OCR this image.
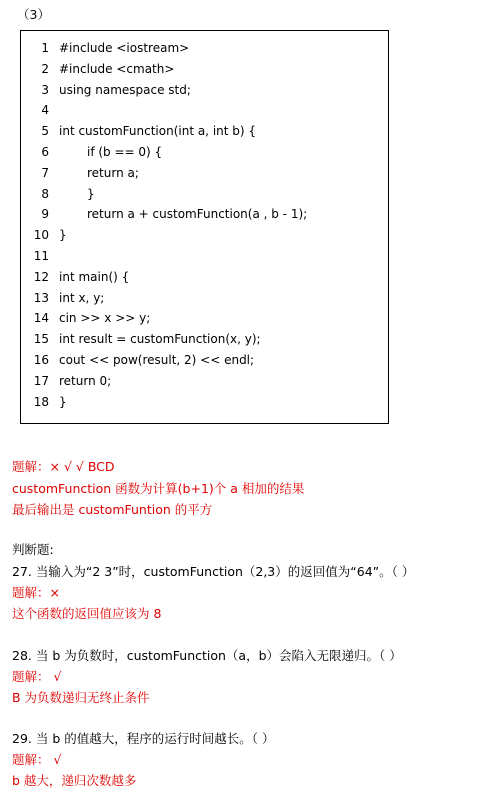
（3）
1 #include <iostream>
2 #include <cmath>
3 using namespace std;
4
5 int customFunction(int a, int b) {
6	if (b == 0) {
7	return a;
8	}
9	return a + customFunction(a , b - 1);
10 }
11
12 int main() {
13 int x, y;
14 cin >> x >> y;
15 int result = customFunction(x, y);
16 cout << pow(result, 2) << endl;
17 return 0;
18 }
题解：× √ √ BCD
customFunction 函数为计算(b+1)个 a 相加的结果
最后输出是 customFuntion 的平方
判断题:
27. 当输入为“2 3”时，customFunction（2,3）的返回值为“64”。（ ）
题解：×
这个函数的返回值应该为 8
28. 当 b 为负数时，customFunction（a，b）会陷入无限递归。（ ）
题解： √
B 为负数递归无终止条件
29. 当 b 的值越大，程序的运行时间越长。（ ）
题解： √
b 越大，递归次数越多
